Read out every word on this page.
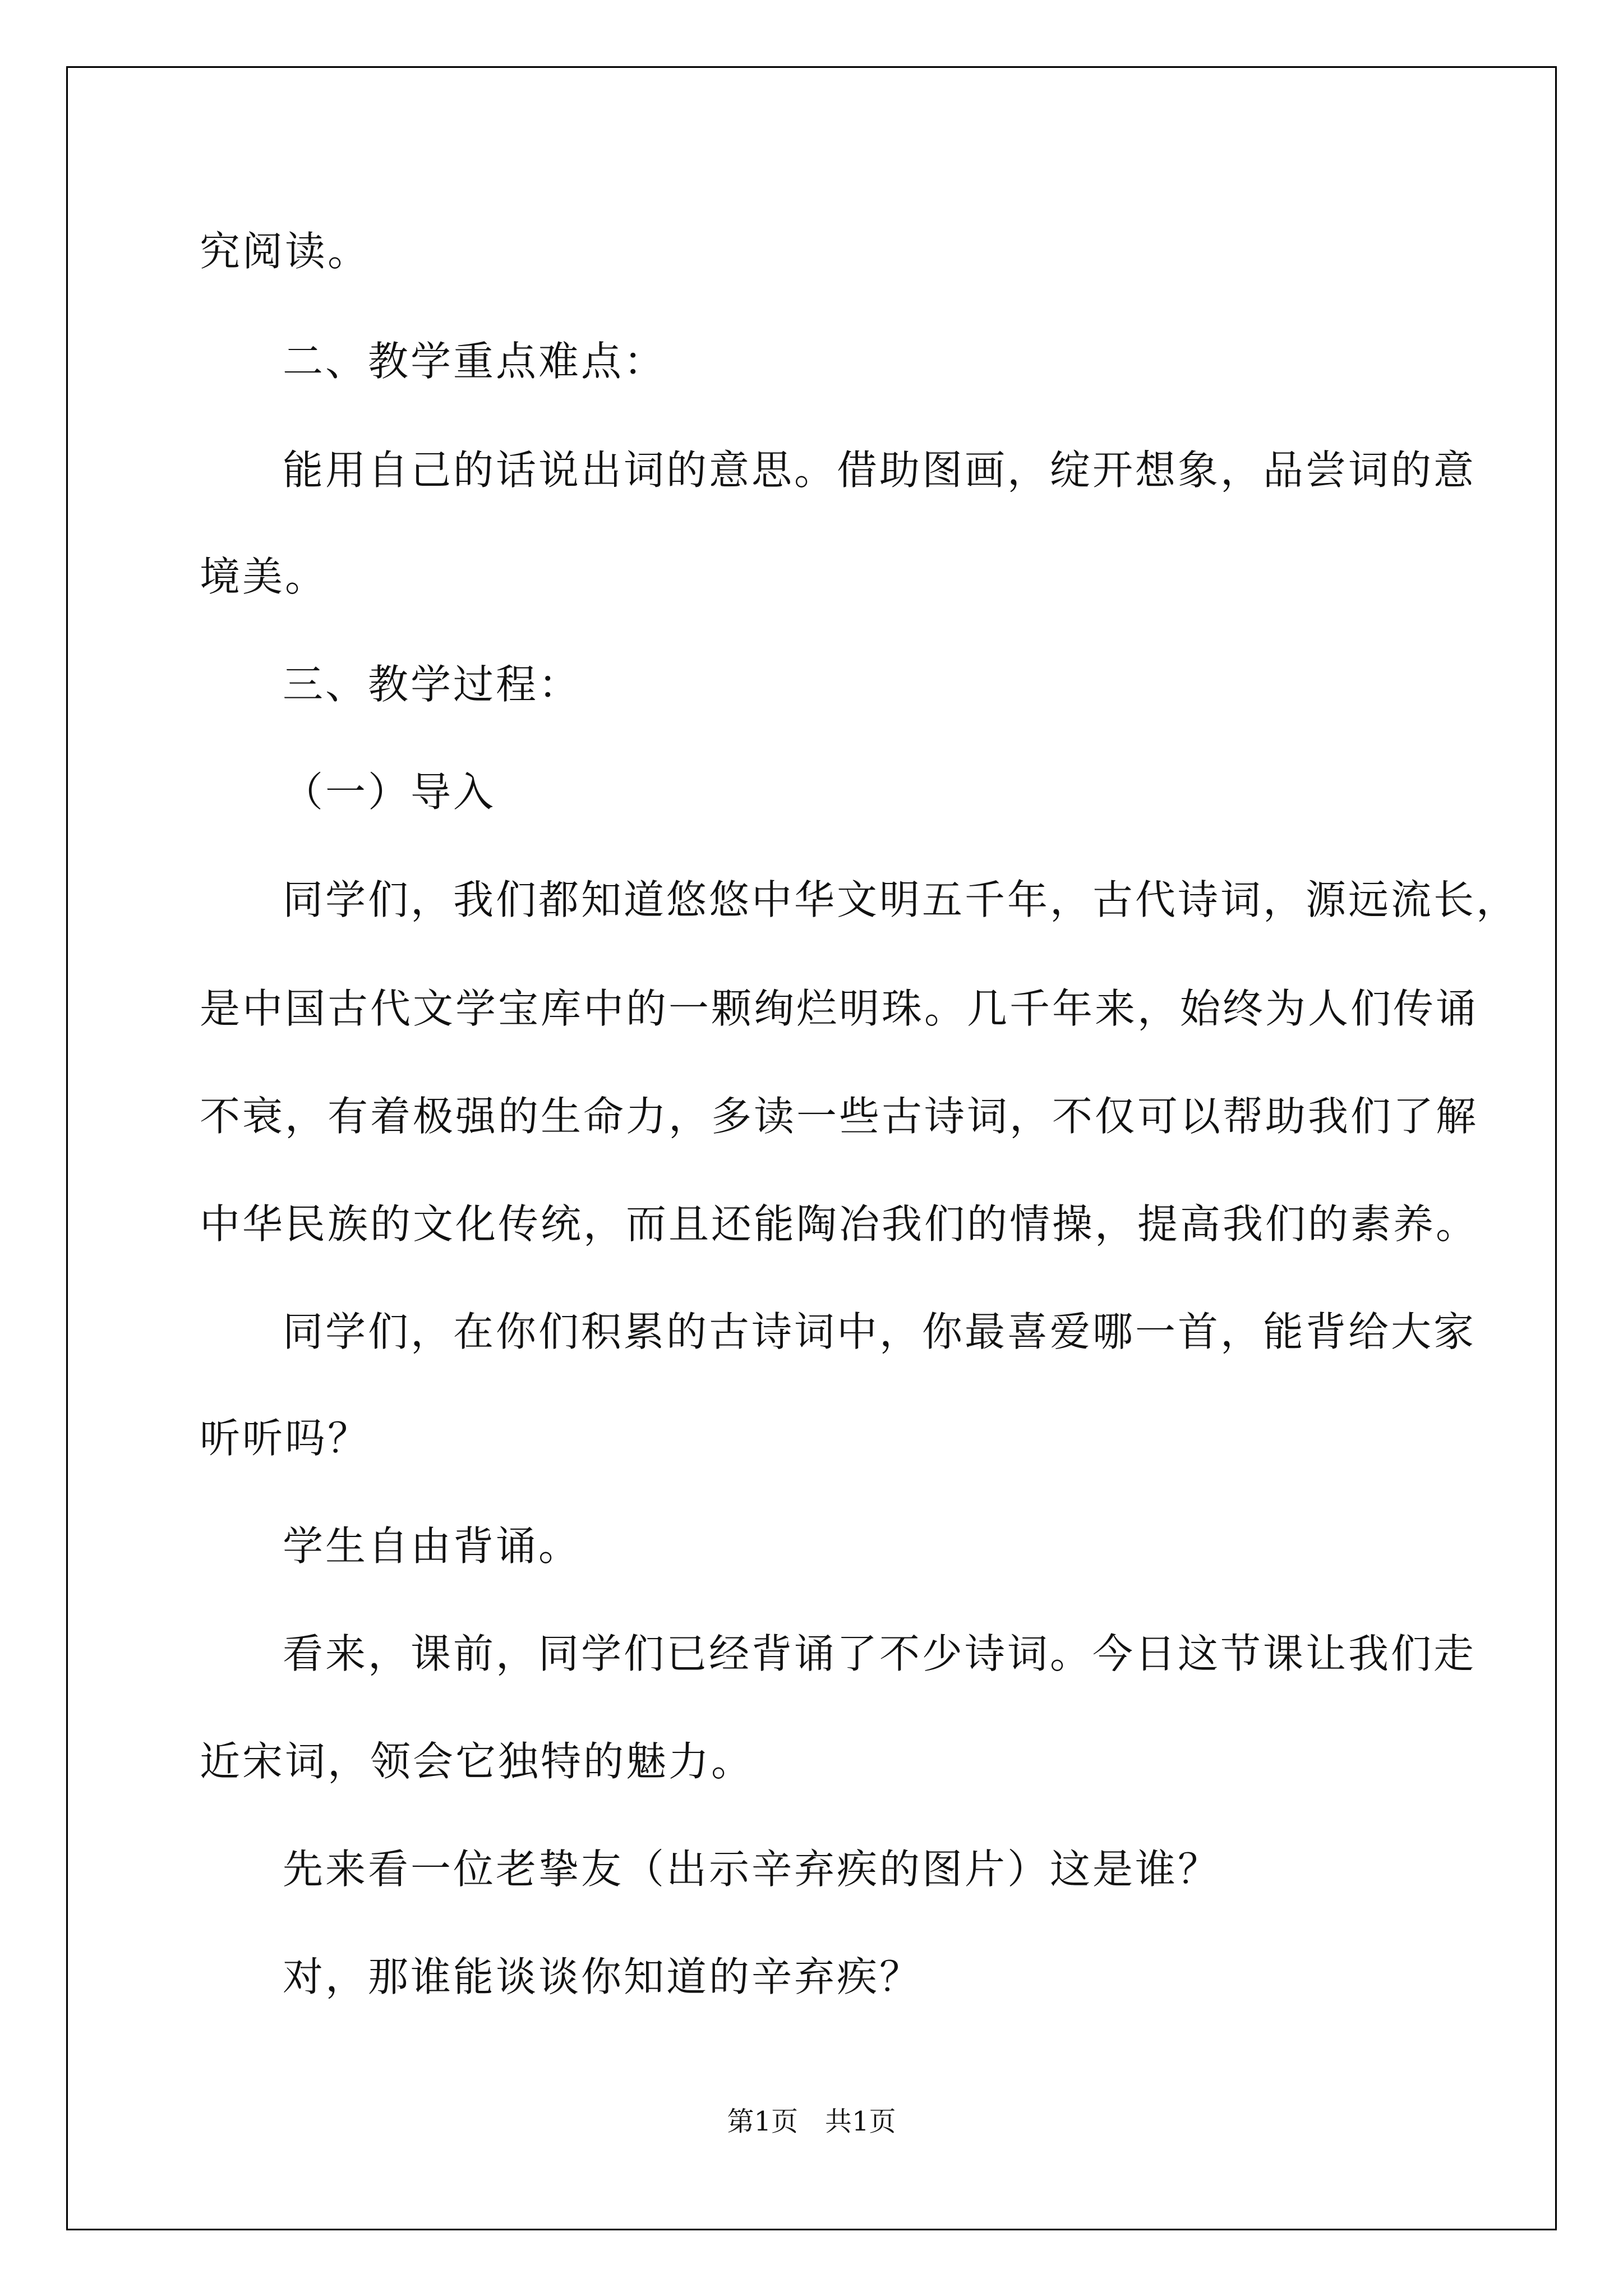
究阅读。

二、教学重点难点：

能用自己的话说出词的意思。借助图画，绽开想象，品尝词的意

境美。

三、教学过程：

（一）导入

同学们，我们都知道悠悠中华文明五千年，古代诗词，源远流长，

是中国古代文学宝库中的一颗绚烂明珠。几千年来，始终为人们传诵

不衰，有着极强的生命力，多读一些古诗词，不仅可以帮助我们了解

中华民族的文化传统，而且还能陶冶我们的情操，提高我们的素养。

同学们，在你们积累的古诗词中，你最喜爱哪一首，能背给大家

听听吗？

学生自由背诵。

看来，课前，同学们已经背诵了不少诗词。今日这节课让我们走

近宋词，领会它独特的魅力。

先来看一位老挚友（出示辛弃疾的图片）这是谁？

对，那谁能谈谈你知道的辛弃疾？

第1页　共1页
